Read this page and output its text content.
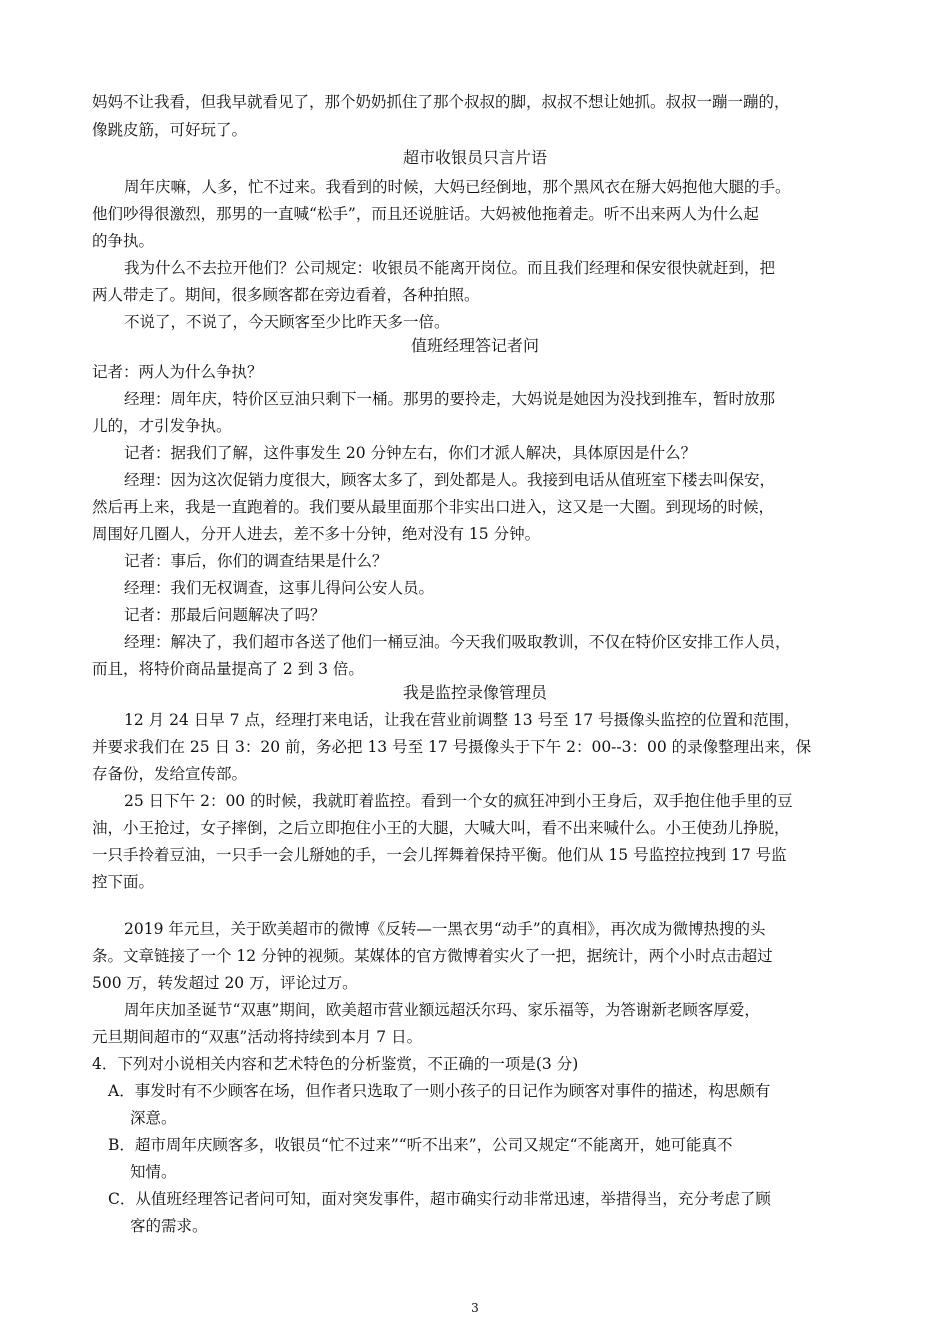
妈妈不让我看，但我早就看见了，那个奶奶抓住了那个叔叔的脚，叔叔不想让她抓。叔叔一蹦一蹦的，
像跳皮筋，可好玩了。
超市收银员只言片语
周年庆嘛，人多，忙不过来。我看到的时候，大妈已经倒地，那个黑风衣在掰大妈抱他大腿的手。
他们吵得很激烈，那男的一直喊“松手”，而且还说脏话。大妈被他拖着走。听不出来两人为什么起
的争执。
我为什么不去拉开他们？公司规定：收银员不能离开岗位。而且我们经理和保安很快就赶到，把
两人带走了。期间，很多顾客都在旁边看着，各种拍照。
不说了，不说了，今天顾客至少比昨天多一倍。
值班经理答记者问
记者：两人为什么争执？
经理：周年庆，特价区豆油只剩下一桶。那男的要拎走，大妈说是她因为没找到推车，暂时放那
儿的，才引发争执。
记者：据我们了解，这件事发生 20 分钟左右，你们才派人解决，具体原因是什么？
经理：因为这次促销力度很大，顾客太多了，到处都是人。我接到电话从值班室下楼去叫保安，
然后再上来，我是一直跑着的。我们要从最里面那个非实出口进入，这又是一大圈。到现场的时候，
周围好几圈人，分开人进去，差不多十分钟，绝对没有 15 分钟。
记者：事后，你们的调查结果是什么？
经理：我们无权调查，这事儿得问公安人员。
记者：那最后问题解决了吗？
经理：解决了，我们超市各送了他们一桶豆油。今天我们吸取教训，不仅在特价区安排工作人员，
而且，将特价商品量提高了 2 到 3 倍。
我是监控录像管理员
12 月 24 日早 7 点，经理打来电话，让我在营业前调整 13 号至 17 号摄像头监控的位置和范围，
并要求我们在 25 日 3：20 前，务必把 13 号至 17 号摄像头于下午 2：00--3：00 的录像整理出来，保
存备份，发给宣传部。
25 日下午 2：00 的时候，我就盯着监控。看到一个女的疯狂冲到小王身后，双手抱住他手里的豆
油，小王抢过，女子摔倒，之后立即抱住小王的大腿，大喊大叫，看不出来喊什么。小王使劲儿挣脱，
一只手拎着豆油，一只手一会儿掰她的手，一会儿挥舞着保持平衡。他们从 15 号监控拉拽到 17 号监
控下面。
2019 年元旦，关于欧美超市的微博《反转—一黑衣男“动手”的真相》，再次成为微博热搜的头
条。文章链接了一个 12 分钟的视频。某媒体的官方微博着实火了一把，据统计，两个小时点击超过
500 万，转发超过 20 万，评论过万。
周年庆加圣诞节“双惠”期间，欧美超市营业额远超沃尔玛、家乐福等，为答谢新老顾客厚爱，
元旦期间超市的“双惠”活动将持续到本月 7 日。
4．下列对小说相关内容和艺术特色的分析鉴赏，不正确的一项是(3 分)
A．事发时有不少顾客在场，但作者只选取了一则小孩子的日记作为顾客对事件的描述，构思颇有
深意。
B．超市周年庆顾客多，收银员“忙不过来”“听不出来”，公司又规定“不能离开，她可能真不
知情。
C．从值班经理答记者问可知，面对突发事件，超市确实行动非常迅速，举措得当，充分考虑了顾
客的需求。
3
